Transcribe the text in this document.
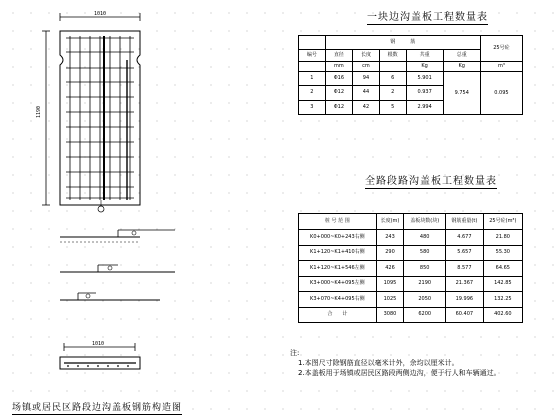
1010
1190
1010
场镇或居民区路段边沟盖板钢筋构造图
一块边沟盖板工程数量表
	钢　　　筋					25号砼
编号	直径	长度	根数	共重	总重	
	mm	cm		Kg	Kg	m³
1	Φ16	94	6	5.901	9.754	0.095
2	Φ12	44	2	0.937		
3	Φ12	42	5	2.994		
全路段路沟盖板工程数量表
桩 号 范 围	长度(m)	盖板块数(块)	钢筋重量(t)	25号砼(m³)
K0+000~K0+243右侧	243	480	4.677	21.80
K1+120~K1+410右侧	290	580	5.657	55.30
K1+120~K1+546左侧	426	850	8.577	64.65
K3+000~K4+095左侧	1095	2190	21.367	142.85
K3+070~K4+095右侧	1025	2050	19.996	132.25
合　　计	3080	6200	60.407	402.60
注:
1.本图尺寸除钢筋直径以毫米计外，余均以厘米计。
2.本盖板用于场镇或居民区路段两侧边沟，便于行人和车辆通过。
